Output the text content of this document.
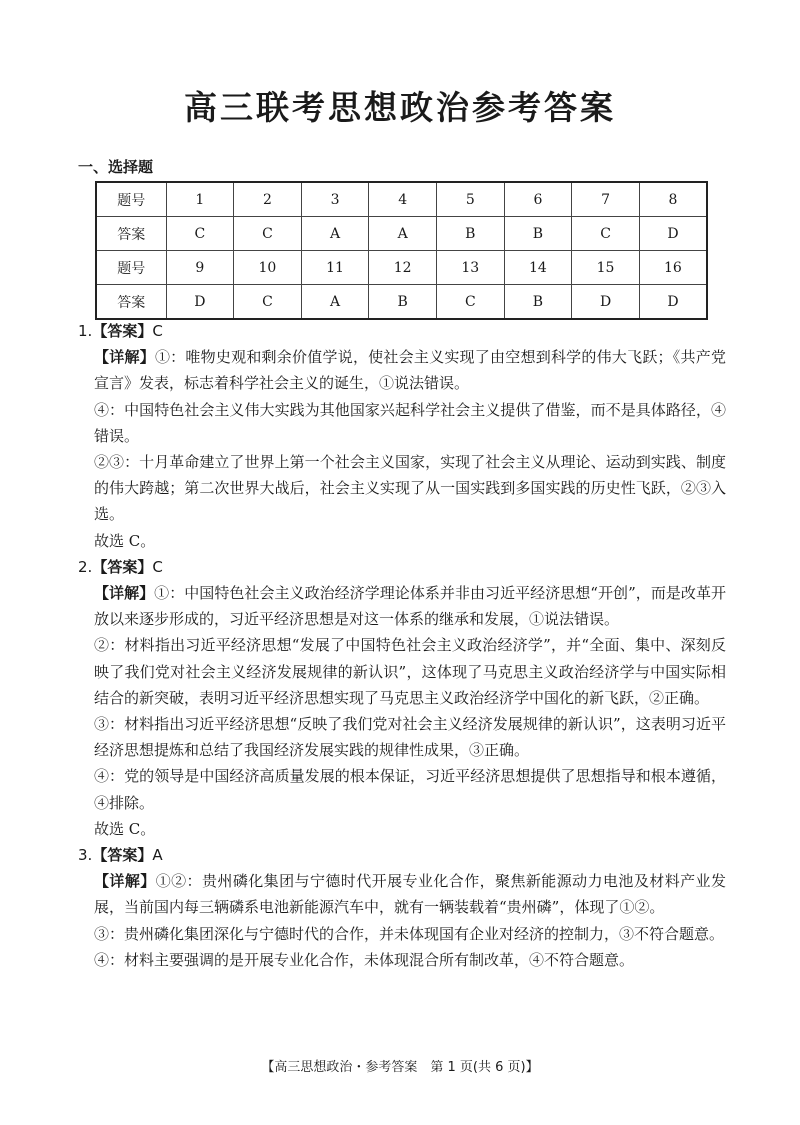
高三联考思想政治参考答案
一、选择题
题号	1	2	3	4	5	6	7	8
答案	C	C	A	A	B	B	C	D
题号	9	10	11	12	13	14	15	16
答案	D	C	A	B	C	B	D	D

1.【答案】C

【详解】①：唯物史观和剩余价值学说，使社会主义实现了由空想到科学的伟大飞跃；《共产党宣言》发表，标志着科学社会主义的诞生，①说法错误。

④：中国特色社会主义伟大实践为其他国家兴起科学社会主义提供了借鉴，而不是具体路径，④错误。

②③：十月革命建立了世界上第一个社会主义国家，实现了社会主义从理论、运动到实践、制度的伟大跨越；第二次世界大战后，社会主义实现了从一国实践到多国实践的历史性飞跃，②③入选。

故选 C。

2.【答案】C

【详解】①：中国特色社会主义政治经济学理论体系并非由习近平经济思想“开创”，而是改革开放以来逐步形成的，习近平经济思想是对这一体系的继承和发展，①说法错误。

②：材料指出习近平经济思想“发展了中国特色社会主义政治经济学”，并“全面、集中、深刻反映了我们党对社会主义经济发展规律的新认识”，这体现了马克思主义政治经济学与中国实际相结合的新突破，表明习近平经济思想实现了马克思主义政治经济学中国化的新飞跃，②正确。

③：材料指出习近平经济思想“反映了我们党对社会主义经济发展规律的新认识”，这表明习近平经济思想提炼和总结了我国经济发展实践的规律性成果，③正确。

④：党的领导是中国经济高质量发展的根本保证，习近平经济思想提供了思想指导和根本遵循，④排除。

故选 C。

3.【答案】A

【详解】①②：贵州磷化集团与宁德时代开展专业化合作，聚焦新能源动力电池及材料产业发展，当前国内每三辆磷系电池新能源汽车中，就有一辆装载着“贵州磷”，体现了①②。

③：贵州磷化集团深化与宁德时代的合作，并未体现国有企业对经济的控制力，③不符合题意。

④：材料主要强调的是开展专业化合作，未体现混合所有制改革，④不符合题意。

【高三思想政治・参考答案　第 1 页(共 6 页)】
